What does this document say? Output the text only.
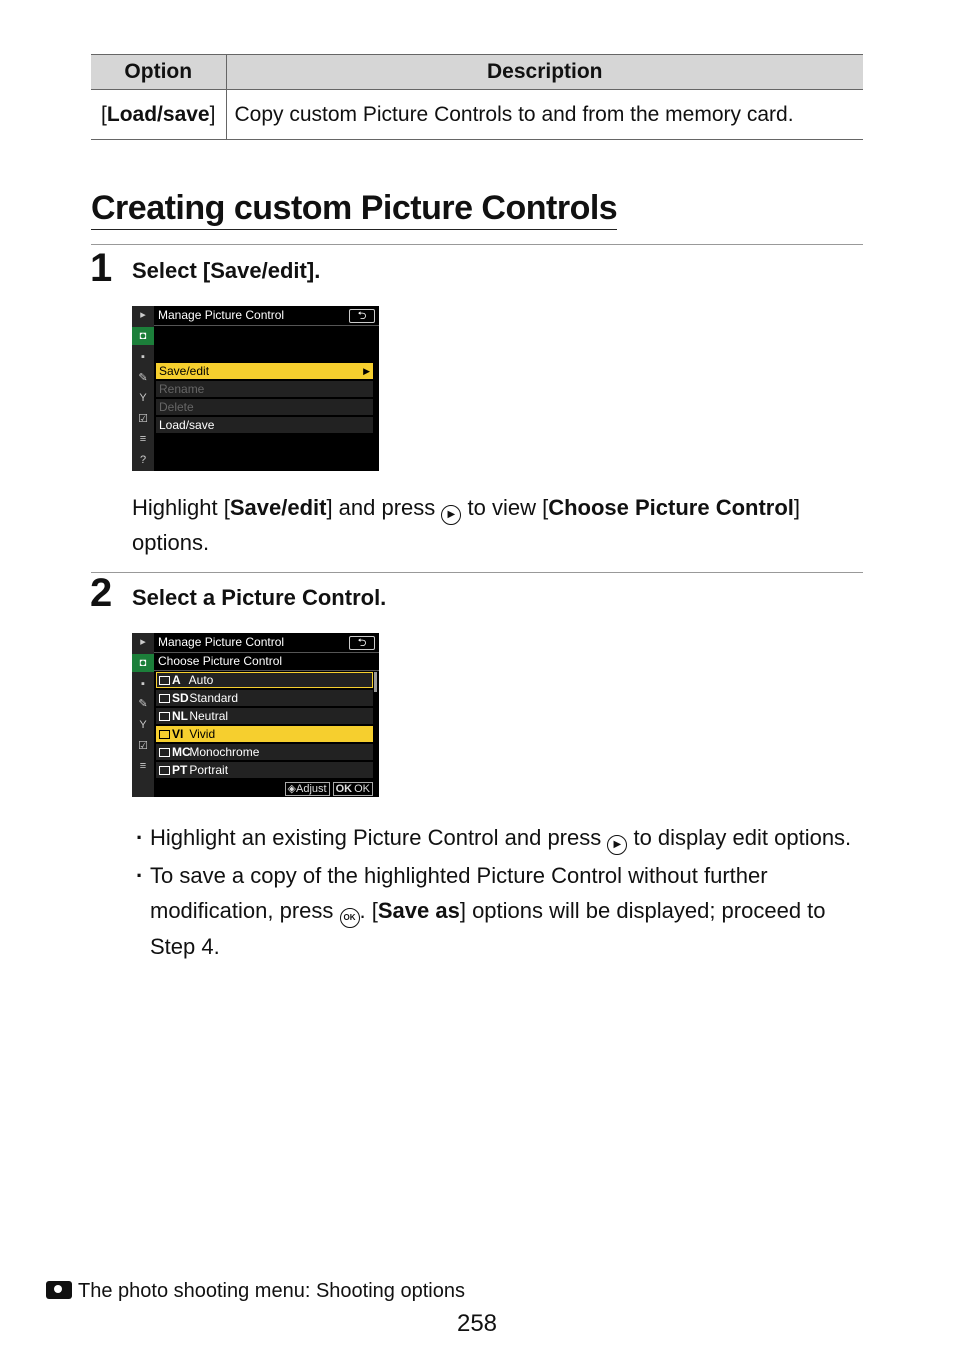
Option	Description
[Load/save]	Copy custom Picture Controls to and from the memory card.
Creating custom Picture Controls
1 Select [Save/edit].
▸
◘
▪
✎
Y
☑
≡
?
Manage Picture Control	⮌
Save/edit	▶
Rename
Delete
Load/save

Highlight [Save/edit] and press ▶ to view [Choose Picture Control] options.

2 Select a Picture Control.
▸
◘
▪
✎
Y
☑
≡
Manage Picture Control	⮌
Choose Picture Control
A Auto
SD Standard
NL Neutral
VI Vivid
MC Monochrome
PT Portrait
◈Adjust OK OK
· Highlight an existing Picture Control and press ▶ to display edit options.
· To save a copy of the highlighted Picture Control without further modification, press OK . [Save as] options will be displayed; proceed to Step 4.
The photo shooting menu: Shooting options
258
